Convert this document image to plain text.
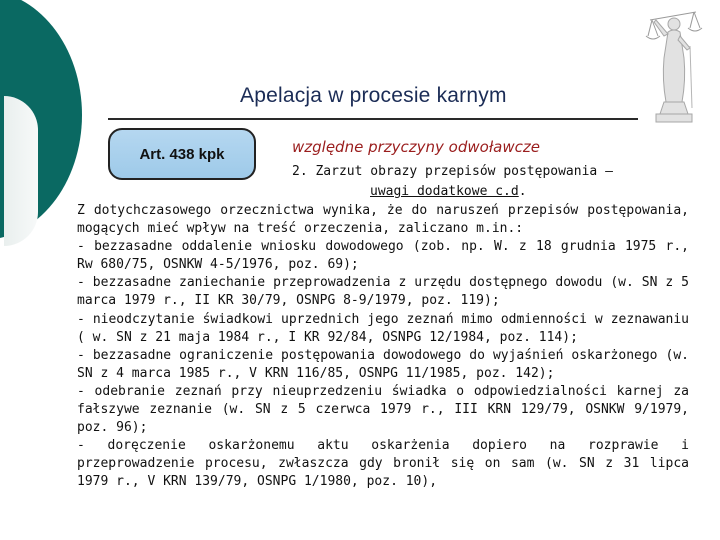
Apelacja w procesie karnym
Art. 438 kpk	względne przyczyny odwoławcze
2. Zarzut obrazy przepisów postępowania –
uwagi dodatkowe c.d.

Z dotychczasowego orzecznictwa wynika, że do naruszeń przepisów postępowania, mogących mieć wpływ na treść orzeczenia, zaliczano m.in.:

- bezzasadne oddalenie wniosku dowodowego (zob. np. W. z 18 grudnia 1975 r., Rw 680/75, OSNKW 4-5/1976, poz. 69);

- bezzasadne zaniechanie przeprowadzenia z urzędu dostępnego dowodu (w. SN z 5 marca 1979 r., II KR 30/79, OSNPG 8-9/1979, poz. 119);

- nieodczytanie świadkowi uprzednich jego zeznań mimo odmienności w zeznawaniu ( w. SN z 21 maja 1984 r., I KR 92/84, OSNPG 12/1984, poz. 114);

- bezzasadne ograniczenie postępowania dowodowego do wyjaśnień oskarżonego (w. SN z 4 marca 1985 r., V KRN 116/85, OSNPG 11/1985, poz. 142);

- odebranie zeznań przy nieuprzedzeniu świadka o odpowiedzialności karnej za fałszywe zeznanie (w. SN z 5 czerwca 1979 r., III KRN 129/79, OSNKW 9/1979, poz. 96);

- doręczenie oskarżonemu aktu oskarżenia dopiero na rozprawie i przeprowadzenie procesu, zwłaszcza gdy bronił się on sam (w. SN z 31 lipca 1979 r., V KRN 139/79, OSNPG 1/1980, poz. 10),
